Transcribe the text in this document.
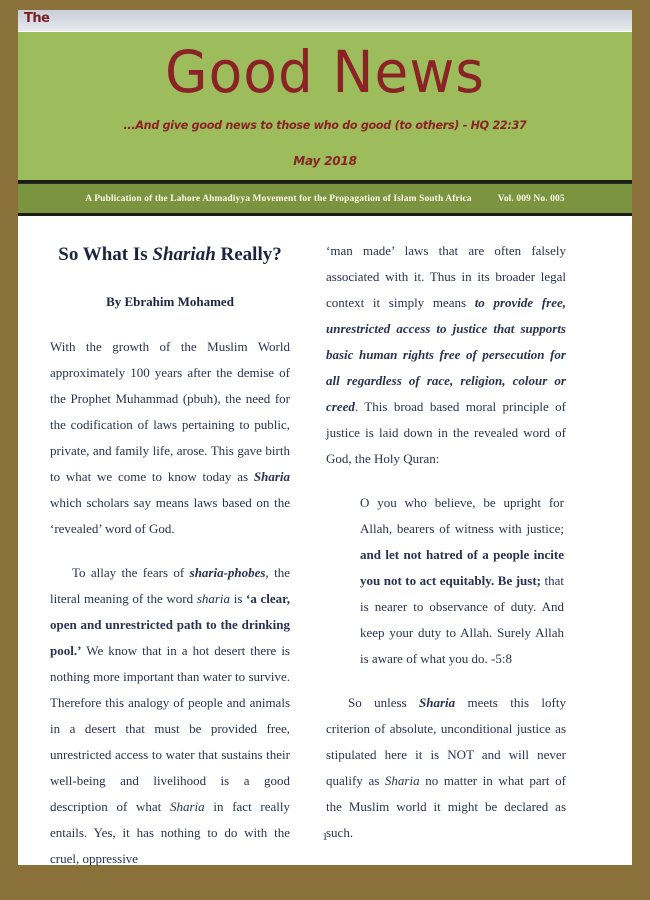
The
Good News
...And give good news to those who do good (to others) - HQ 22:37
May 2018
A Publication of the Lahore Ahmadiyya Movement for the Propagation of Islam South Africa	Vol. 009 No. 005
So What Is Shariah Really?
By Ebrahim Mohamed

With the growth of the Muslim World approximately 100 years after the demise of the Prophet Muhammad (pbuh), the need for the codification of laws pertaining to public, private, and family life, arose. This gave birth to what we come to know today as Sharia which scholars say means laws based on the ‘revealed’ word of God.

To allay the fears of sharia-phobes, the literal meaning of the word sharia is ‘a clear, open and unrestricted path to the drinking pool.’ We know that in a hot desert there is nothing more important than water to survive. Therefore this analogy of people and animals in a desert that must be provided free, unrestricted access to water that sustains their well-being and livelihood is a good description of what Sharia in fact really entails. Yes, it has nothing to do with the cruel, oppressive

‘man made’ laws that are often falsely associated with it. Thus in its broader legal context it simply means to provide free, unrestricted access to justice that supports basic human rights free of persecution for all regardless of race, religion, colour or creed. This broad based moral principle of justice is laid down in the revealed word of God, the Holy Quran:

O you who believe, be upright for Allah, bearers of witness with justice; and let not hatred of a people incite you not to act equitably. Be just; that is nearer to observance of duty. And keep your duty to Allah. Surely Allah is aware of what you do. -5:8

So unless Sharia meets this lofty criterion of absolute, unconditional justice as stipulated here it is NOT and will never qualify as Sharia no matter in what part of the Muslim world it might be declared as such.

1
